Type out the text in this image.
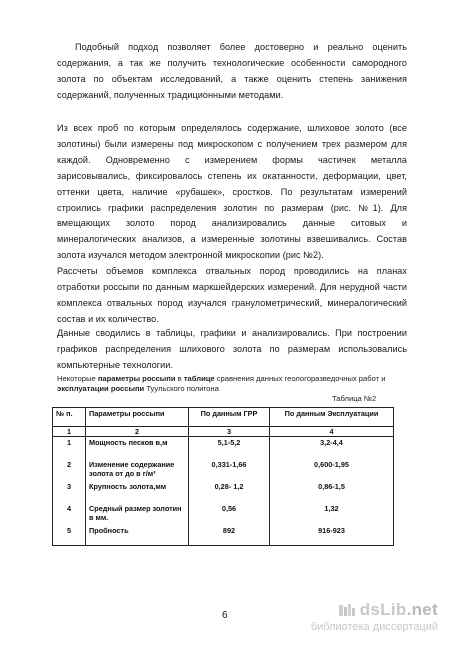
Подобный подход позволяет более достоверно и реально оценить содержания, а так же получить технологические особенности самородного золота по объектам исследований, а также оценить степень занижения содержаний, полученных традиционными методами.
Из всех проб по которым определялось содержание, шлиховое золото (все золотины) были измерены под микроскопом с получением трех размером для каждой. Одновременно с измерением формы частичек металла зарисовывались, фиксировалось степень их окатанности, деформации, цвет, оттенки цвета, наличие «рубашек», сростков. По результатам измерений строились графики распределения золотин по размерам (рис. №1). Для вмещающих золото пород анализировались данные ситовых и минералогических анализов, а измеренные золотины взвешивались. Состав золота изучался методом электронной микроскопии (рис №2).
Рассчеты объемов комплекса отвальных пород проводились на планах отработки россыпи по данным маркшейдерских измерений. Для нерудной части комплекса отвальных пород изучался гранулометрический, минералогический состав и их количество.
Данные сводились в таблицы, графики и анализировались. При построении графиков распределения шлихового золота по размерам использовались компьютерные технологии.
Некоторые параметры россыпи в таблице сравнения данных геологоразведочных работ и эксплуатации россыпи Туульского полигона
Таблица №2
№ п.	Параметры россыпи	По данным ГРР	По данным Эксплуатации
1	2	3	4
1	Мощность песков в,м	5,1-5,2	3,2-4,4
2	Изменение содержание золота от до в г/м³	0,331-1,66	0,600-1,95
3	Крупность золота,мм	0,28- 1,2	0,86-1,5
4	Средный размер золотин в мм.	0,56	1,32
5	Пробность	892	916-923
6	dsLib.net
библиотека диссертаций
